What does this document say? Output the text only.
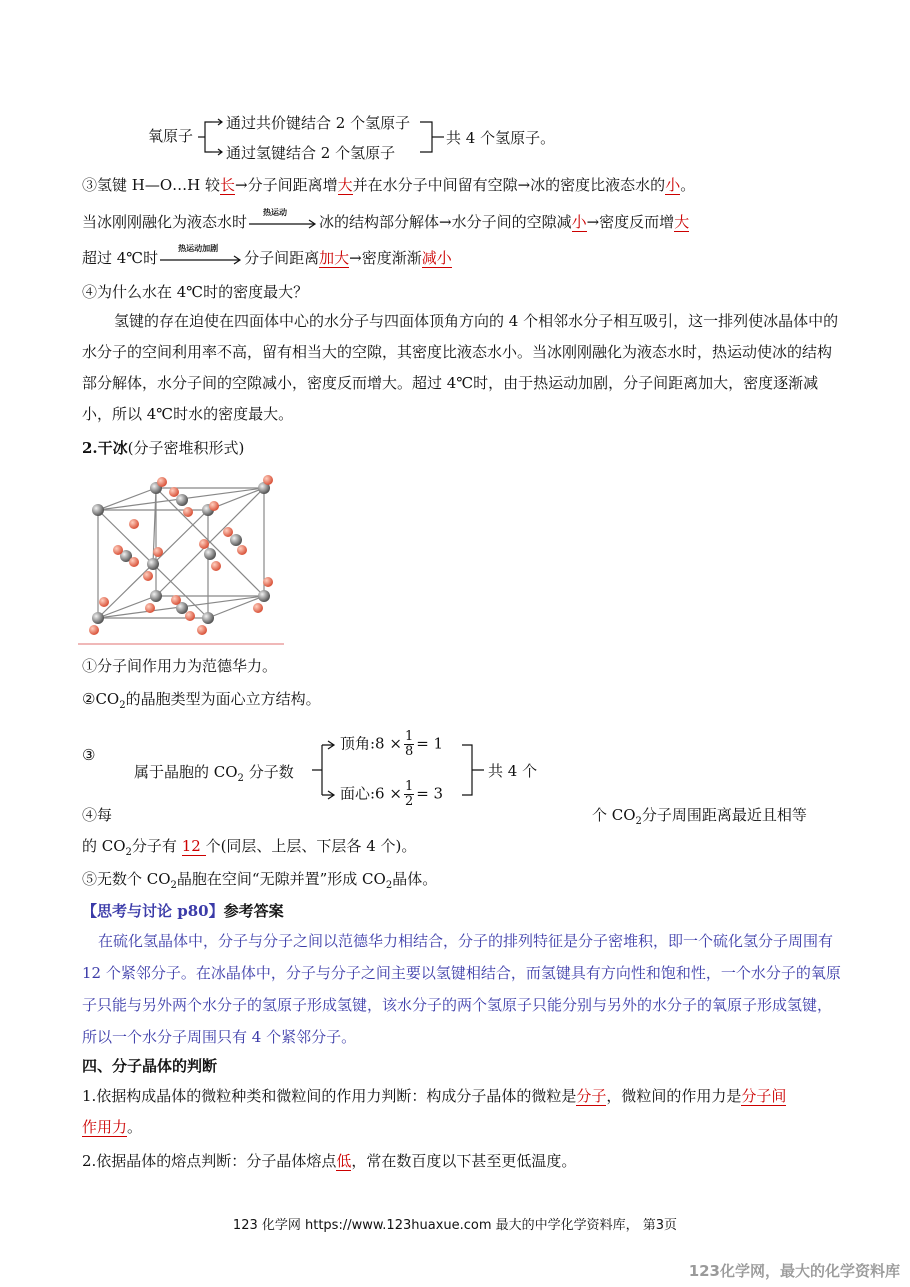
氧原子
通过共价键结合 2 个氢原子
通过氢键结合 2 个氢原子
共 4 个氢原子。
③氢键 H—O…H 较长→分子间距离增大并在水分子中间留有空隙→冰的密度比液态水的小。
当冰刚刚融化为液态水时
热运动
冰的结构部分解体→水分子间的空隙减小→密度反而增大
超过 4℃时
热运动加剧
分子间距离加大→密度渐渐减小
④为什么水在 4℃时的密度最大？
氢键的存在迫使在四面体中心的水分子与四面体顶角方向的 4 个相邻水分子相互吸引，这一排列使冰晶体中的水分子的空间利用率不高，留有相当大的空隙，其密度比液态水小。当冰刚刚融化为液态水时，热运动使冰的结构部分解体，水分子间的空隙减小，密度反而增大。超过 4℃时，由于热运动加剧，分子间距离加大，密度逐渐减小，所以 4℃时水的密度最大。
2.干冰(分子密堆积形式)
①分子间作用力为范德华力。
$②CO_2$的晶胞类型为面心立方结构。
③
属于晶胞的 $CO_2$ 分子数
顶角:8 × $\frac{1}{8} = 1$
面心:6 × $\frac{1}{2} = 3$
共 4 个
④每	个 $CO_2$分子周围距离最近且相等
的 $CO_2$分子有 12 个(同层、上层、下层各 4 个)。
⑤无数个 $CO_2$晶胞在空间“无隙并置”形成 $CO_2$晶体。
【思考与讨论 p80】参考答案
在硫化氢晶体中，分子与分子之间以范德华力相结合，分子的排列特征是分子密堆积，即一个硫化氢分子周围有 12 个紧邻分子。在冰晶体中，分子与分子之间主要以氢键相结合，而氢键具有方向性和饱和性，一个水分子的氧原子只能与另外两个水分子的氢原子形成氢键，该水分子的两个氢原子只能分别与另外的水分子的氧原子形成氢键，所以一个水分子周围只有 4 个紧邻分子。
四、分子晶体的判断
1.依据构成晶体的微粒种类和微粒间的作用力判断：构成分子晶体的微粒是分子，微粒间的作用力是分子间
作用力。
2.依据晶体的熔点判断：分子晶体熔点低，常在数百度以下甚至更低温度。
123 化学网 https://www.123huaxue.com 最大的中学化学资料库， 第3页
123化学网，最大的化学资料库
